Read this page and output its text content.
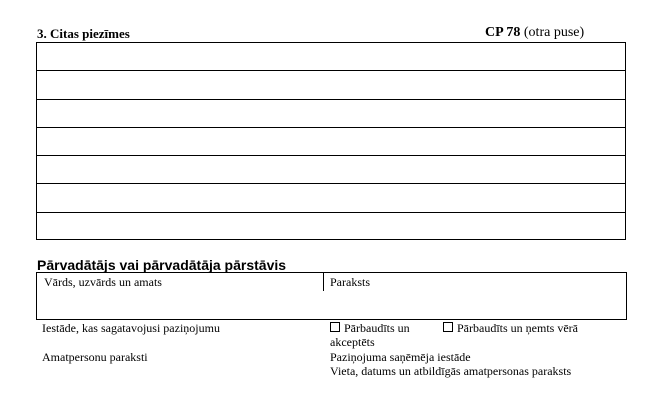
3. Citas piezīmes	CP 78 (otra puse)
Pārvadātājs vai pārvadātāja pārstāvis
Vārds, uzvārds un amats	Paraksts
Iestāde, kas sagatavojusi paziņojumu	Pārbaudīts un
akceptēts
Pārbaudīts un ņemts vērā
Amatpersonu paraksti	Paziņojuma saņēmēja iestāde
Vieta, datums un atbildīgās amatpersonas paraksts
